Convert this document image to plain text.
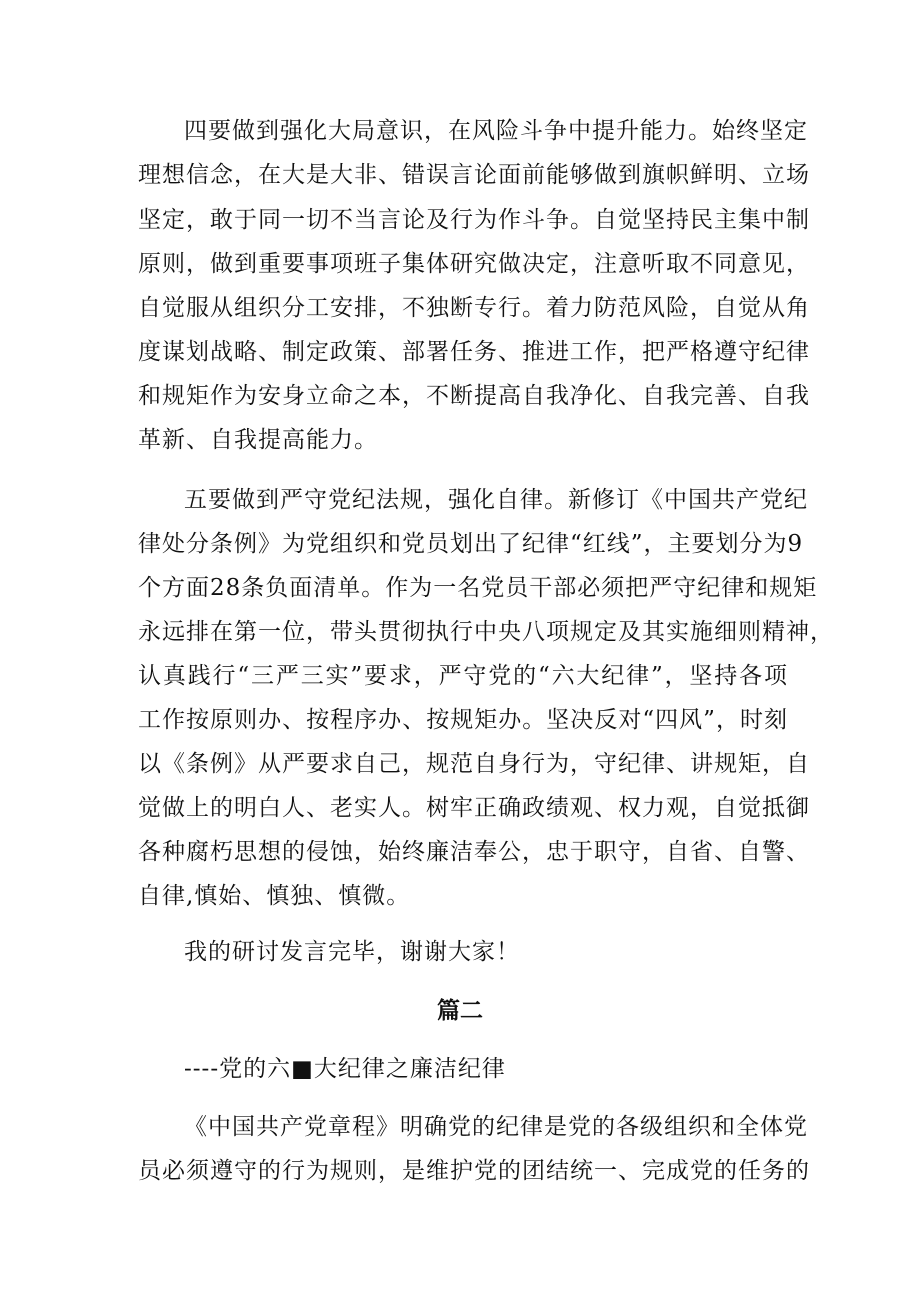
四要做到强化大局意识，在风险斗争中提升能力。始终坚定
理想信念，在大是大非、错误言论面前能够做到旗帜鲜明、立场
坚定，敢于同一切不当言论及行为作斗争。自觉坚持民主集中制
原则，做到重要事项班子集体研究做决定，注意听取不同意见，
自觉服从组织分工安排，不独断专行。着力防范风险，自觉从角
度谋划战略、制定政策、部署任务、推进工作，把严格遵守纪律
和规矩作为安身立命之本，不断提高自我净化、自我完善、自我
革新、自我提高能力。
五要做到严守党纪法规，强化自律。新修订《中国共产党纪
律处分条例》为党组织和党员划出了纪律“红线”，主要划分为9
个方面28条负面清单。作为一名党员干部必须把严守纪律和规矩
永远排在第一位，带头贯彻执行中央八项规定及其实施细则精神，
认真践行“三严三实”要求，严守党的“六大纪律”，坚持各项
工作按原则办、按程序办、按规矩办。坚决反对“四风”，时刻
以《条例》从严要求自己，规范自身行为，守纪律、讲规矩，自
觉做上的明白人、老实人。树牢正确政绩观、权力观，自觉抵御
各种腐朽思想的侵蚀，始终廉洁奉公，忠于职守，自省、自警、
自律,慎始、慎独、慎微。
我的研讨发言完毕，谢谢大家！
篇二
----党的六■大纪律之廉洁纪律
《中国共产党章程》明确党的纪律是党的各级组织和全体党
员必须遵守的行为规则，是维护党的团结统一、完成党的任务的
